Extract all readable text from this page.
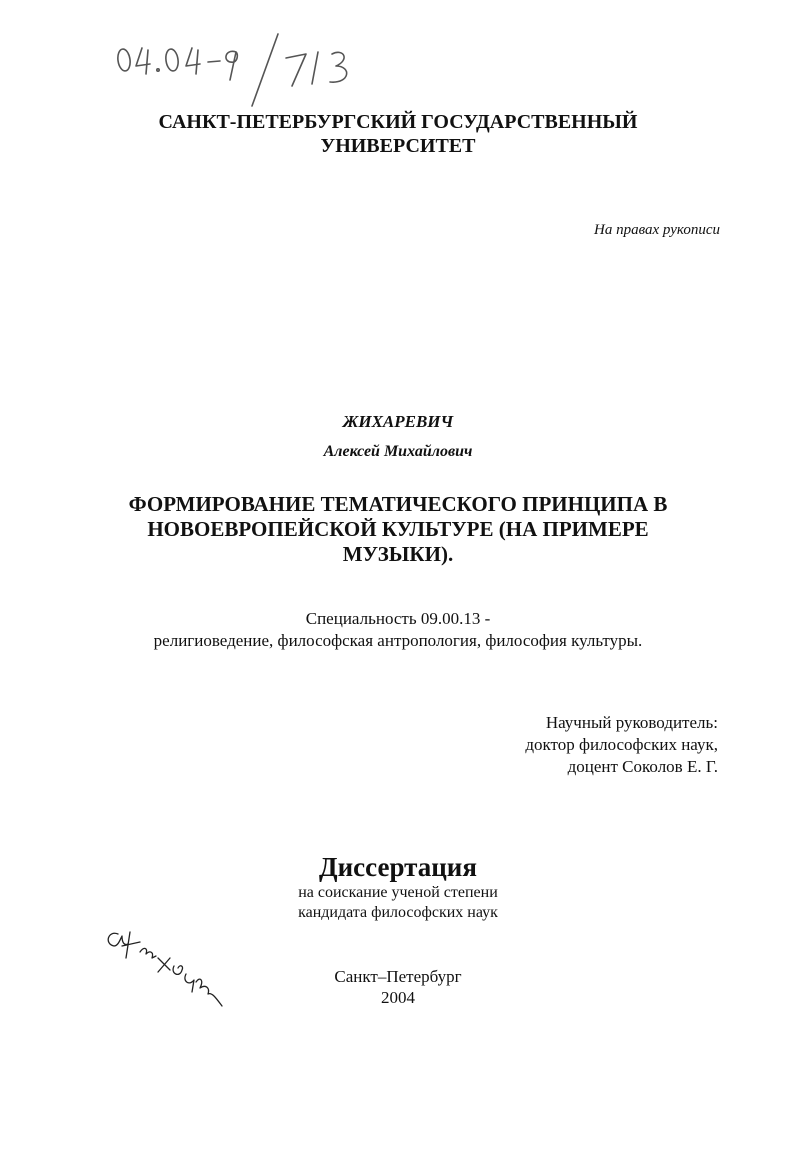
САНКТ-ПЕТЕРБУРГСКИЙ ГОСУДАРСТВЕННЫЙ
УНИВЕРСИТЕТ
На правах рукописи
ЖИХАРЕВИЧ
Алексей Михайлович
ФОРМИРОВАНИЕ ТЕМАТИЧЕСКОГО ПРИНЦИПА В
НОВОЕВРОПЕЙСКОЙ КУЛЬТУРЕ (НА ПРИМЕРЕ
МУЗЫКИ).
Специальность 09.00.13 -
религиоведение, философская антропология, философия культуры.
Научный руководитель:
доктор философских наук,
доцент Соколов Е. Г.
Диссертация
на соискание ученой степени
кандидата философских наук
Санкт–Петербург
2004
